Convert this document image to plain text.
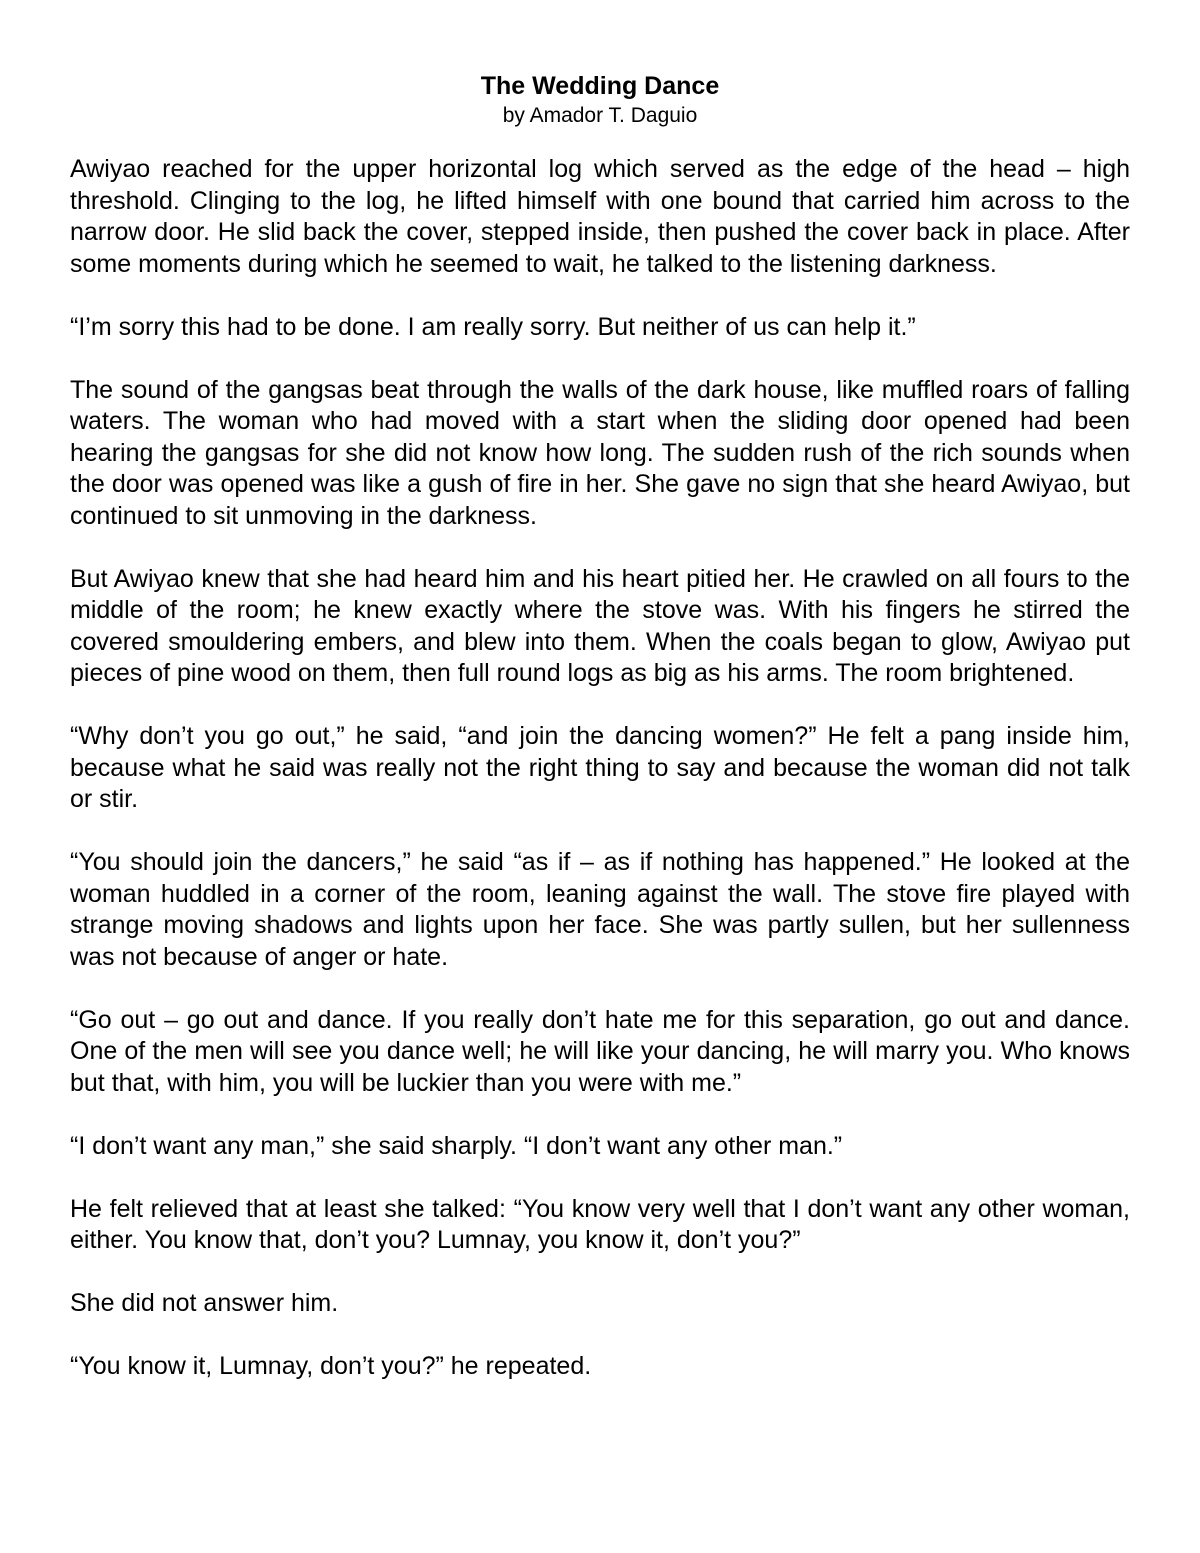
The Wedding Dance

by Amador T. Daguio

Awiyao reached for the upper horizontal log which served as the edge of the head – high threshold. Clinging to the log, he lifted himself with one bound that carried him across to the narrow door. He slid back the cover, stepped inside, then pushed the cover back in place. After some moments during which he seemed to wait, he talked to the listening darkness.

“I’m sorry this had to be done. I am really sorry. But neither of us can help it.”

The sound of the gangsas beat through the walls of the dark house, like muffled roars of falling waters. The woman who had moved with a start when the sliding door opened had been hearing the gangsas for she did not know how long. The sudden rush of the rich sounds when the door was opened was like a gush of fire in her. She gave no sign that she heard Awiyao, but continued to sit unmoving in the darkness.

But Awiyao knew that she had heard him and his heart pitied her. He crawled on all fours to the middle of the room; he knew exactly where the stove was. With his fingers he stirred the covered smouldering embers, and blew into them. When the coals began to glow, Awiyao put pieces of pine wood on them, then full round logs as big as his arms. The room brightened.

“Why don’t you go out,” he said, “and join the dancing women?” He felt a pang inside him, because what he said was really not the right thing to say and because the woman did not talk or stir.

“You should join the dancers,” he said “as if – as if nothing has happened.” He looked at the woman huddled in a corner of the room, leaning against the wall. The stove fire played with strange moving shadows and lights upon her face. She was partly sullen, but her sullenness was not because of anger or hate.

“Go out – go out and dance. If you really don’t hate me for this separation, go out and dance. One of the men will see you dance well; he will like your dancing, he will marry you. Who knows but that, with him, you will be luckier than you were with me.”

“I don’t want any man,” she said sharply. “I don’t want any other man.”

He felt relieved that at least she talked: “You know very well that I don’t want any other woman, either. You know that, don’t you? Lumnay, you know it, don’t you?”

She did not answer him.

“You know it, Lumnay, don’t you?” he repeated.
